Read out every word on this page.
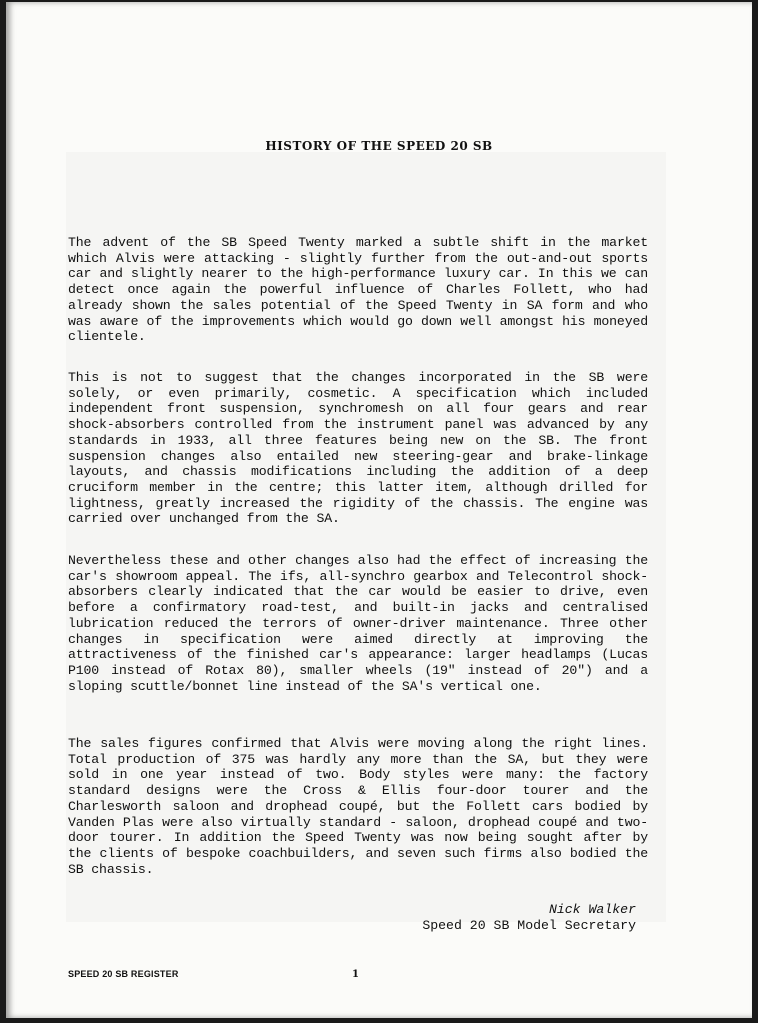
HISTORY OF THE SPEED 20 SB

The advent of the SB Speed Twenty marked a subtle shift in the market which Alvis were attacking - slightly further from the out-and-out sports car and slightly nearer to the high-performance luxury car. In this we can detect once again the powerful influence of Charles Follett, who had already shown the sales potential of the Speed Twenty in SA form and who was aware of the improvements which would go down well amongst his moneyed clientele.

This is not to suggest that the changes incorporated in the SB were solely, or even primarily, cosmetic. A specification which included independent front suspension, synchromesh on all four gears and rear shock-absorbers controlled from the instrument panel was advanced by any standards in 1933, all three features being new on the SB. The front suspension changes also entailed new steering-gear and brake-linkage layouts, and chassis modifications including the addition of a deep cruciform member in the centre; this latter item, although drilled for lightness, greatly increased the rigidity of the chassis. The engine was carried over unchanged from the SA.

Nevertheless these and other changes also had the effect of increasing the car's showroom appeal. The ifs, all-synchro gearbox and Telecontrol shock-absorbers clearly indicated that the car would be easier to drive, even before a confirmatory road-test, and built-in jacks and centralised lubrication reduced the terrors of owner-driver maintenance. Three other changes in specification were aimed directly at improving the attractiveness of the finished car's appearance: larger headlamps (Lucas P100 instead of Rotax 80), smaller wheels (19" instead of 20") and a sloping scuttle/bonnet line instead of the SA's vertical one.

The sales figures confirmed that Alvis were moving along the right lines. Total production of 375 was hardly any more than the SA, but they were sold in one year instead of two. Body styles were many: the factory standard designs were the Cross & Ellis four-door tourer and the Charlesworth saloon and drophead coupé, but the Follett cars bodied by Vanden Plas were also virtually standard - saloon, drophead coupé and two-door tourer. In addition the Speed Twenty was now being sought after by the clients of bespoke coachbuilders, and seven such firms also bodied the SB chassis.

Nick Walker
Speed 20 SB Model Secretary
SPEED 20 SB REGISTER	1
